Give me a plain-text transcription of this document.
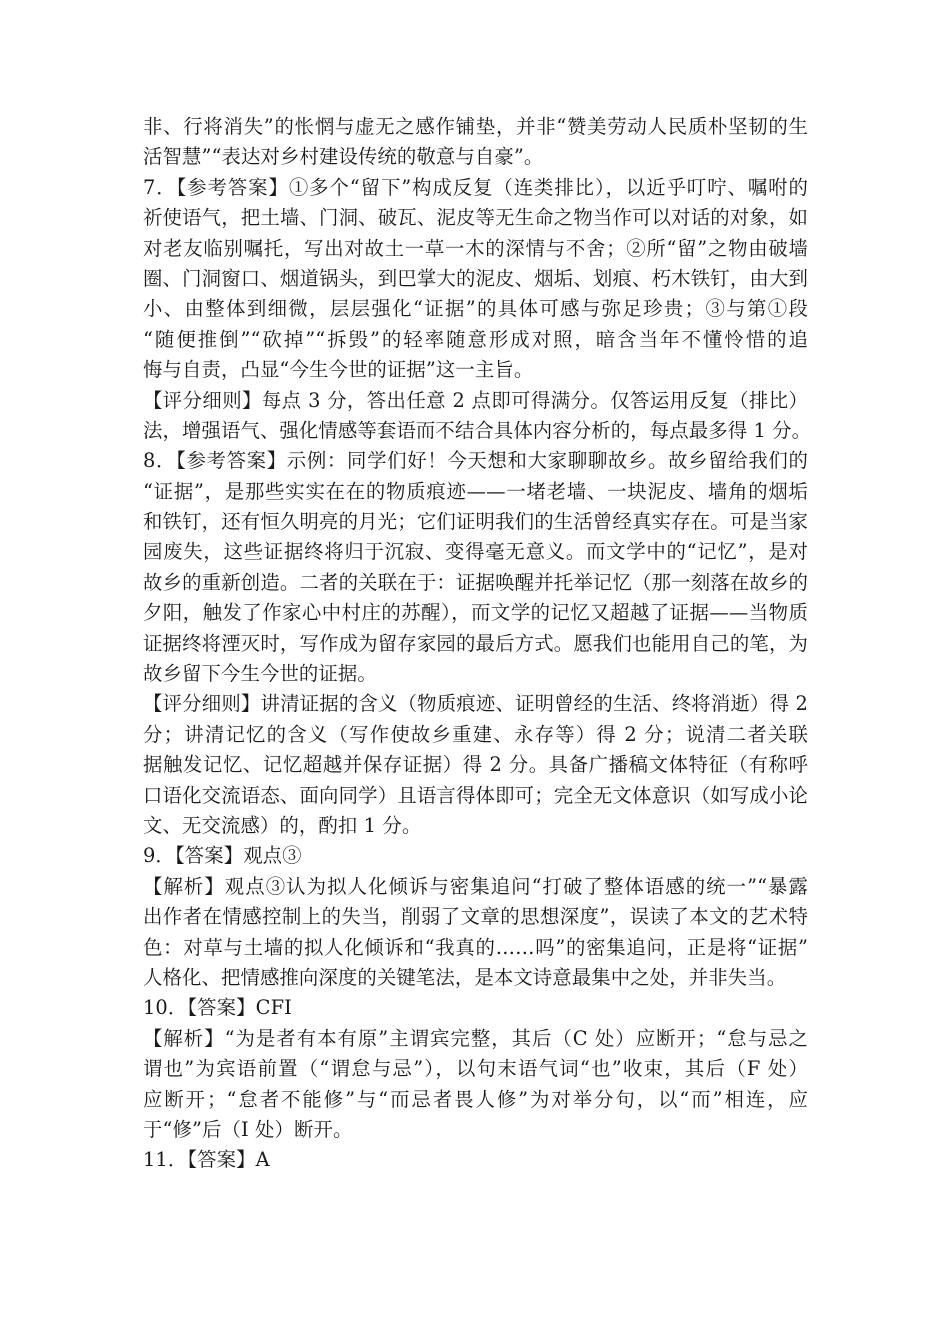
非、行将消失”的怅惘与虚无之感作铺垫，并非“赞美劳动人民质朴坚韧的生
活智慧”“表达对乡村建设传统的敬意与自豪”。
7．【参考答案】①多个“留下”构成反复（连类排比），以近乎叮咛、嘱咐的
祈使语气，把土墙、门洞、破瓦、泥皮等无生命之物当作可以对话的对象，如
对老友临别嘱托，写出对故土一草一木的深情与不舍；②所“留”之物由破墙
圈、门洞窗口、烟道锅头，到巴掌大的泥皮、烟垢、划痕、朽木铁钉，由大到
小、由整体到细微，层层强化“证据”的具体可感与弥足珍贵；③与第①段
“随便推倒”“砍掉”“拆毁”的轻率随意形成对照，暗含当年不懂怜惜的追
悔与自责，凸显“今生今世的证据”这一主旨。
【评分细则】每点 3 分，答出任意 2 点即可得满分。仅答运用反复（排比）
法，增强语气、强化情感等套语而不结合具体内容分析的，每点最多得 1 分。
8．【参考答案】示例：同学们好！今天想和大家聊聊故乡。故乡留给我们的
“证据”，是那些实实在在的物质痕迹——一堵老墙、一块泥皮、墙角的烟垢
和铁钉，还有恒久明亮的月光；它们证明我们的生活曾经真实存在。可是当家
园废失，这些证据终将归于沉寂、变得毫无意义。而文学中的“记忆”，是对
故乡的重新创造。二者的关联在于：证据唤醒并托举记忆（那一刻落在故乡的
夕阳，触发了作家心中村庄的苏醒），而文学的记忆又超越了证据——当物质
证据终将湮灭时，写作成为留存家园的最后方式。愿我们也能用自己的笔，为
故乡留下今生今世的证据。
【评分细则】讲清证据的含义（物质痕迹、证明曾经的生活、终将消逝）得 2
分；讲清记忆的含义（写作使故乡重建、永存等）得 2 分；说清二者关联
据触发记忆、记忆超越并保存证据）得 2 分。具备广播稿文体特征（有称呼
口语化交流语态、面向同学）且语言得体即可；完全无文体意识（如写成小论
文、无交流感）的，酌扣 1 分。
9．【答案】观点③
【解析】观点③认为拟人化倾诉与密集追问“打破了整体语感的统一”“暴露
出作者在情感控制上的失当，削弱了文章的思想深度”，误读了本文的艺术特
色：对草与土墙的拟人化倾诉和“我真的……吗”的密集追问，正是将“证据”
人格化、把情感推向深度的关键笔法，是本文诗意最集中之处，并非失当。
10．【答案】CFI
【解析】“为是者有本有原”主谓宾完整，其后（C 处）应断开；“怠与忌之
谓也”为宾语前置（“谓怠与忌”），以句末语气词“也”收束，其后（F 处）
应断开；“怠者不能修”与“而忌者畏人修”为对举分句，以“而”相连，应
于“修”后（I 处）断开。
11．【答案】A
